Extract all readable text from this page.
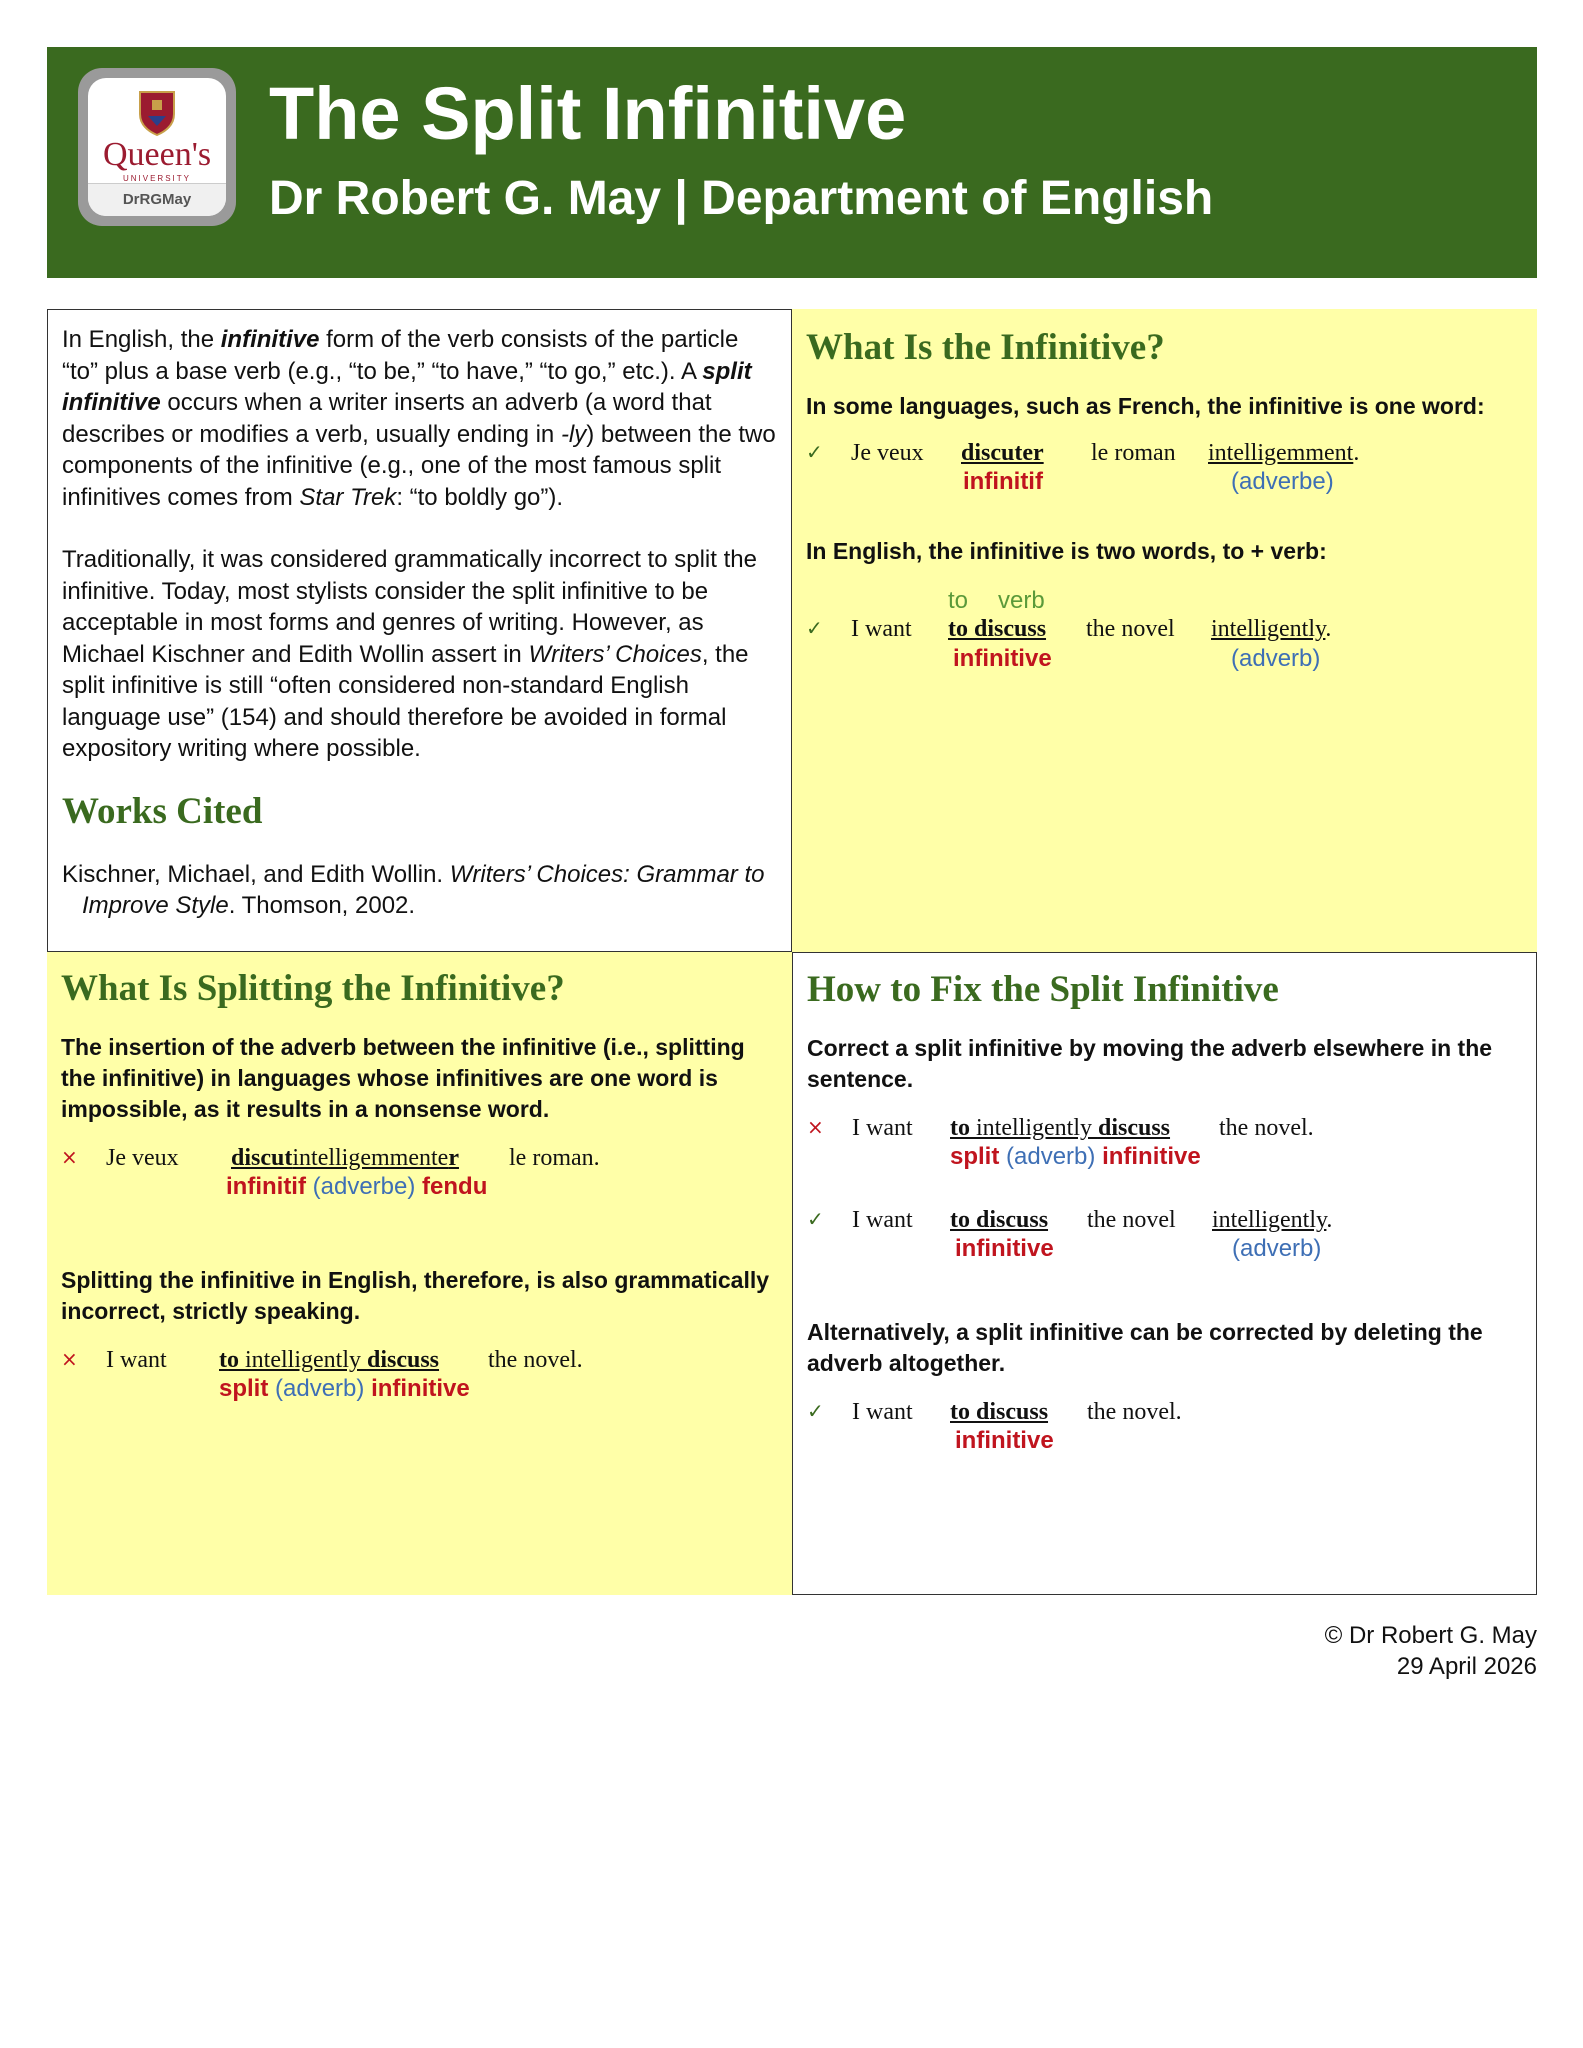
Queen's
UNIVERSITY
DrRGMay
The Split Infinitive
Dr Robert G. May | Department of English

In English, the infinitive form of the verb consists of the particle “to” plus a base verb (e.g., “to be,” “to have,” “to go,” etc.). A split infinitive occurs when a writer inserts an adverb (a word that describes or modifies a verb, usually ending in -ly) between the two components of the infinitive (e.g., one of the most famous split infinitives comes from Star Trek: “to boldly go”).

Traditionally, it was considered grammatically incorrect to split the infinitive. Today, most stylists consider the split infinitive to be acceptable in most forms and genres of writing. However, as Michael Kischner and Edith Wollin assert in Writers’ Choices, the split infinitive is still “often considered non-standard English language use” (154) and should therefore be avoided in formal expository writing where possible.

Works Cited

Kischner, Michael, and Edith Wollin. Writers’ Choices: Grammar to Improve Style. Thomson, 2002.

What Is the Infinitive?

In some languages, such as French, the infinitive is one word:

✓ Je veux discuter le roman intelligemment.
infinitif	(adverbe)

In English, the infinitive is two words, to + verb:

to verb
✓ I want to discuss the novel intelligently.
infinitive	(adverb)
What Is Splitting the Infinitive?

The insertion of the adverb between the infinitive (i.e., splitting the infinitive) in languages whose infinitives are one word is impossible, as it results in a nonsense word.

× Je veux discutintelligemmenter le roman.
infinitif (adverbe) fendu

Splitting the infinitive in English, therefore, is also grammatically incorrect, strictly speaking.

× I want to intelligently discuss the novel.
split (adverb) infinitive
How to Fix the Split Infinitive

Correct a split infinitive by moving the adverb elsewhere in the sentence.

× I want to intelligently discuss the novel.
split (adverb) infinitive
✓ I want to discuss the novel intelligently.
infinitive	(adverb)

Alternatively, a split infinitive can be corrected by deleting the adverb altogether.

✓ I want to discuss the novel.
infinitive
© Dr Robert G. May
29 April 2026
